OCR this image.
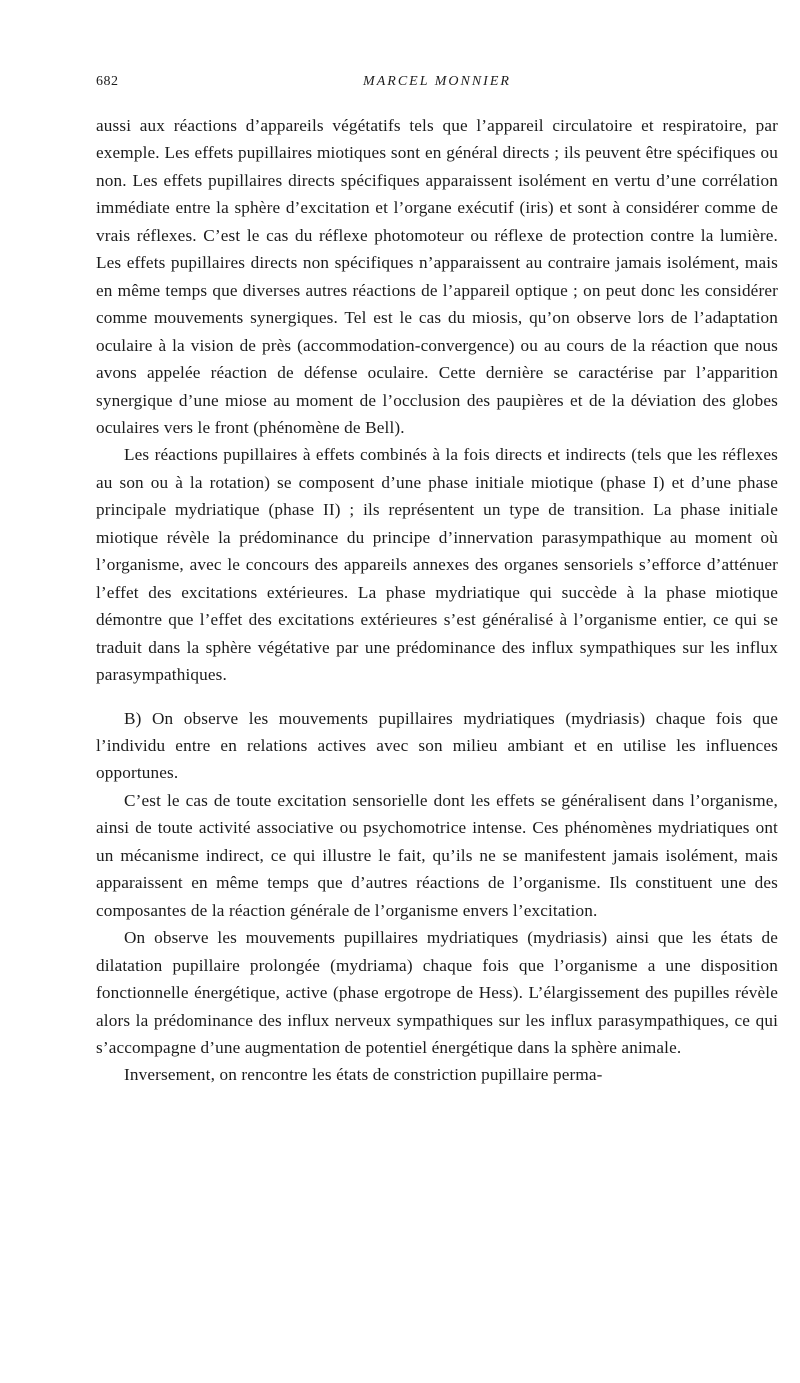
682	MARCEL MONNIER

aussi aux réactions d’appareils végétatifs tels que l’appareil circulatoire et respiratoire, par exemple. Les effets pupillaires miotiques sont en général directs ; ils peuvent être spécifiques ou non. Les effets pupillaires directs spécifiques apparaissent isolément en vertu d’une corrélation immédiate entre la sphère d’excitation et l’organe exécutif (iris) et sont à considérer comme de vrais réflexes. C’est le cas du réflexe photomoteur ou réflexe de protection contre la lumière. Les effets pupillaires directs non spécifiques n’apparaissent au contraire jamais isolément, mais en même temps que diverses autres réactions de l’appareil optique ; on peut donc les considérer comme mouvements synergiques. Tel est le cas du miosis, qu’on observe lors de l’adaptation oculaire à la vision de près (accommodation-convergence) ou au cours de la réaction que nous avons appelée réaction de défense oculaire. Cette dernière se caractérise par l’apparition synergique d’une miose au moment de l’occlusion des paupières et de la déviation des globes oculaires vers le front (phénomène de Bell).

Les réactions pupillaires à effets combinés à la fois directs et indirects (tels que les réflexes au son ou à la rotation) se composent d’une phase initiale miotique (phase I) et d’une phase principale mydriatique (phase II) ; ils représentent un type de transition. La phase initiale miotique révèle la prédominance du principe d’innervation parasympathique au moment où l’organisme, avec le concours des appareils annexes des organes sensoriels s’efforce d’atténuer l’effet des excitations extérieures. La phase mydriatique qui succède à la phase miotique démontre que l’effet des excitations extérieures s’est généralisé à l’organisme entier, ce qui se traduit dans la sphère végétative par une prédominance des influx sympathiques sur les influx parasympathiques.

B) On observe les mouvements pupillaires mydriatiques (mydriasis) chaque fois que l’individu entre en relations actives avec son milieu ambiant et en utilise les influences opportunes.

C’est le cas de toute excitation sensorielle dont les effets se généralisent dans l’organisme, ainsi de toute activité associative ou psychomotrice intense. Ces phénomènes mydriatiques ont un mécanisme indirect, ce qui illustre le fait, qu’ils ne se manifestent jamais isolément, mais apparaissent en même temps que d’autres réactions de l’organisme. Ils constituent une des composantes de la réaction générale de l’organisme envers l’excitation.

On observe les mouvements pupillaires mydriatiques (mydriasis) ainsi que les états de dilatation pupillaire prolongée (mydriama) chaque fois que l’organisme a une disposition fonctionnelle énergétique, active (phase ergotrope de Hess). L’élargissement des pupilles révèle alors la prédominance des influx nerveux sympathiques sur les influx parasympathiques, ce qui s’accompagne d’une augmentation de potentiel énergétique dans la sphère animale.

Inversement, on rencontre les états de constriction pupillaire perma-
